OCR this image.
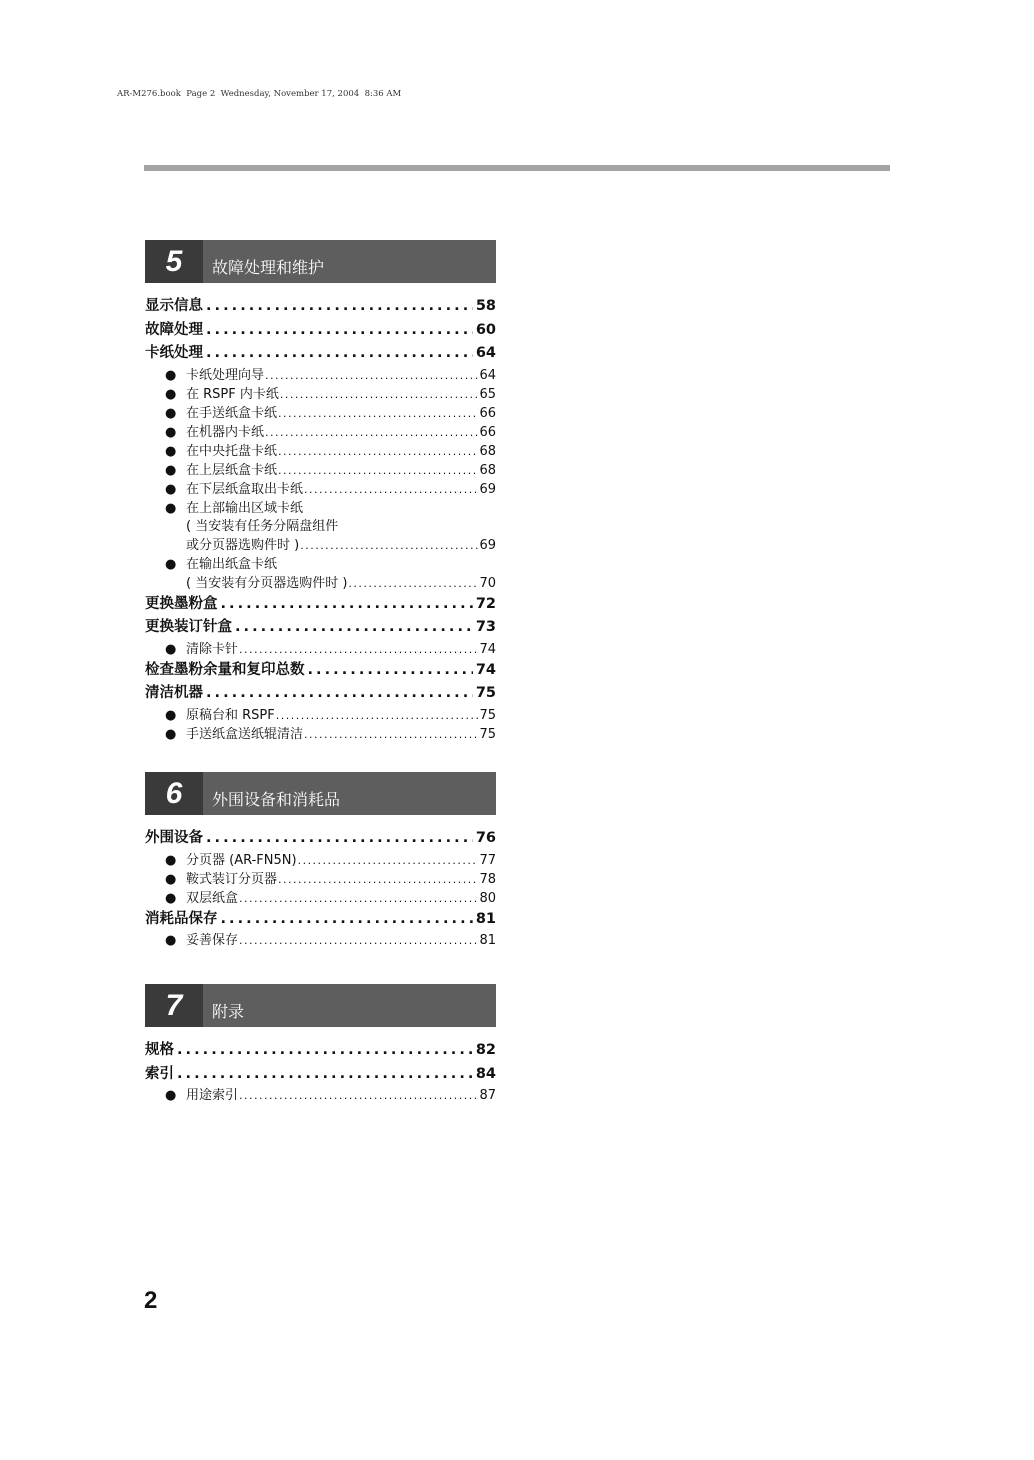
AR-M276.book  Page 2  Wednesday, November 17, 2004  8:36 AM
5	故障处理和维护
显示信息 . . .	58
故障处理 . . .	60
卡纸处理 . . .	64
● 卡纸处理向导 . . .	64
● 在 RSPF 内卡纸 . . .	65
● 在手送纸盒卡纸 . . .	66
● 在机器内卡纸 . . .	66
● 在中央托盘卡纸 . . .	68
● 在上层纸盒卡纸 . . .	68
● 在下层纸盒取出卡纸 . . .	69
● 在上部输出区域卡纸
( 当安装有任务分隔盘组件
或分页器选购件时 ) . . .	69
● 在输出纸盒卡纸
( 当安装有分页器选购件时 ) . . .	70
更换墨粉盒 . . .	72
更换装订针盒 . . .	73
● 清除卡针 . . .	74
检查墨粉余量和复印总数 . . .	74
清洁机器 . . .	75
● 原稿台和 RSPF . . .	75
● 手送纸盒送纸辊清洁 . . .	75
6	外围设备和消耗品
外围设备 . . .	76
● 分页器 (AR-FN5N) . . .	77
● 鞍式装订分页器 . . .	78
● 双层纸盒 . . .	80
消耗品保存 . . .	81
● 妥善保存 . . .	81
7	附录
规格 . . .	82
索引 . . .	84
● 用途索引 . . .	87
2
